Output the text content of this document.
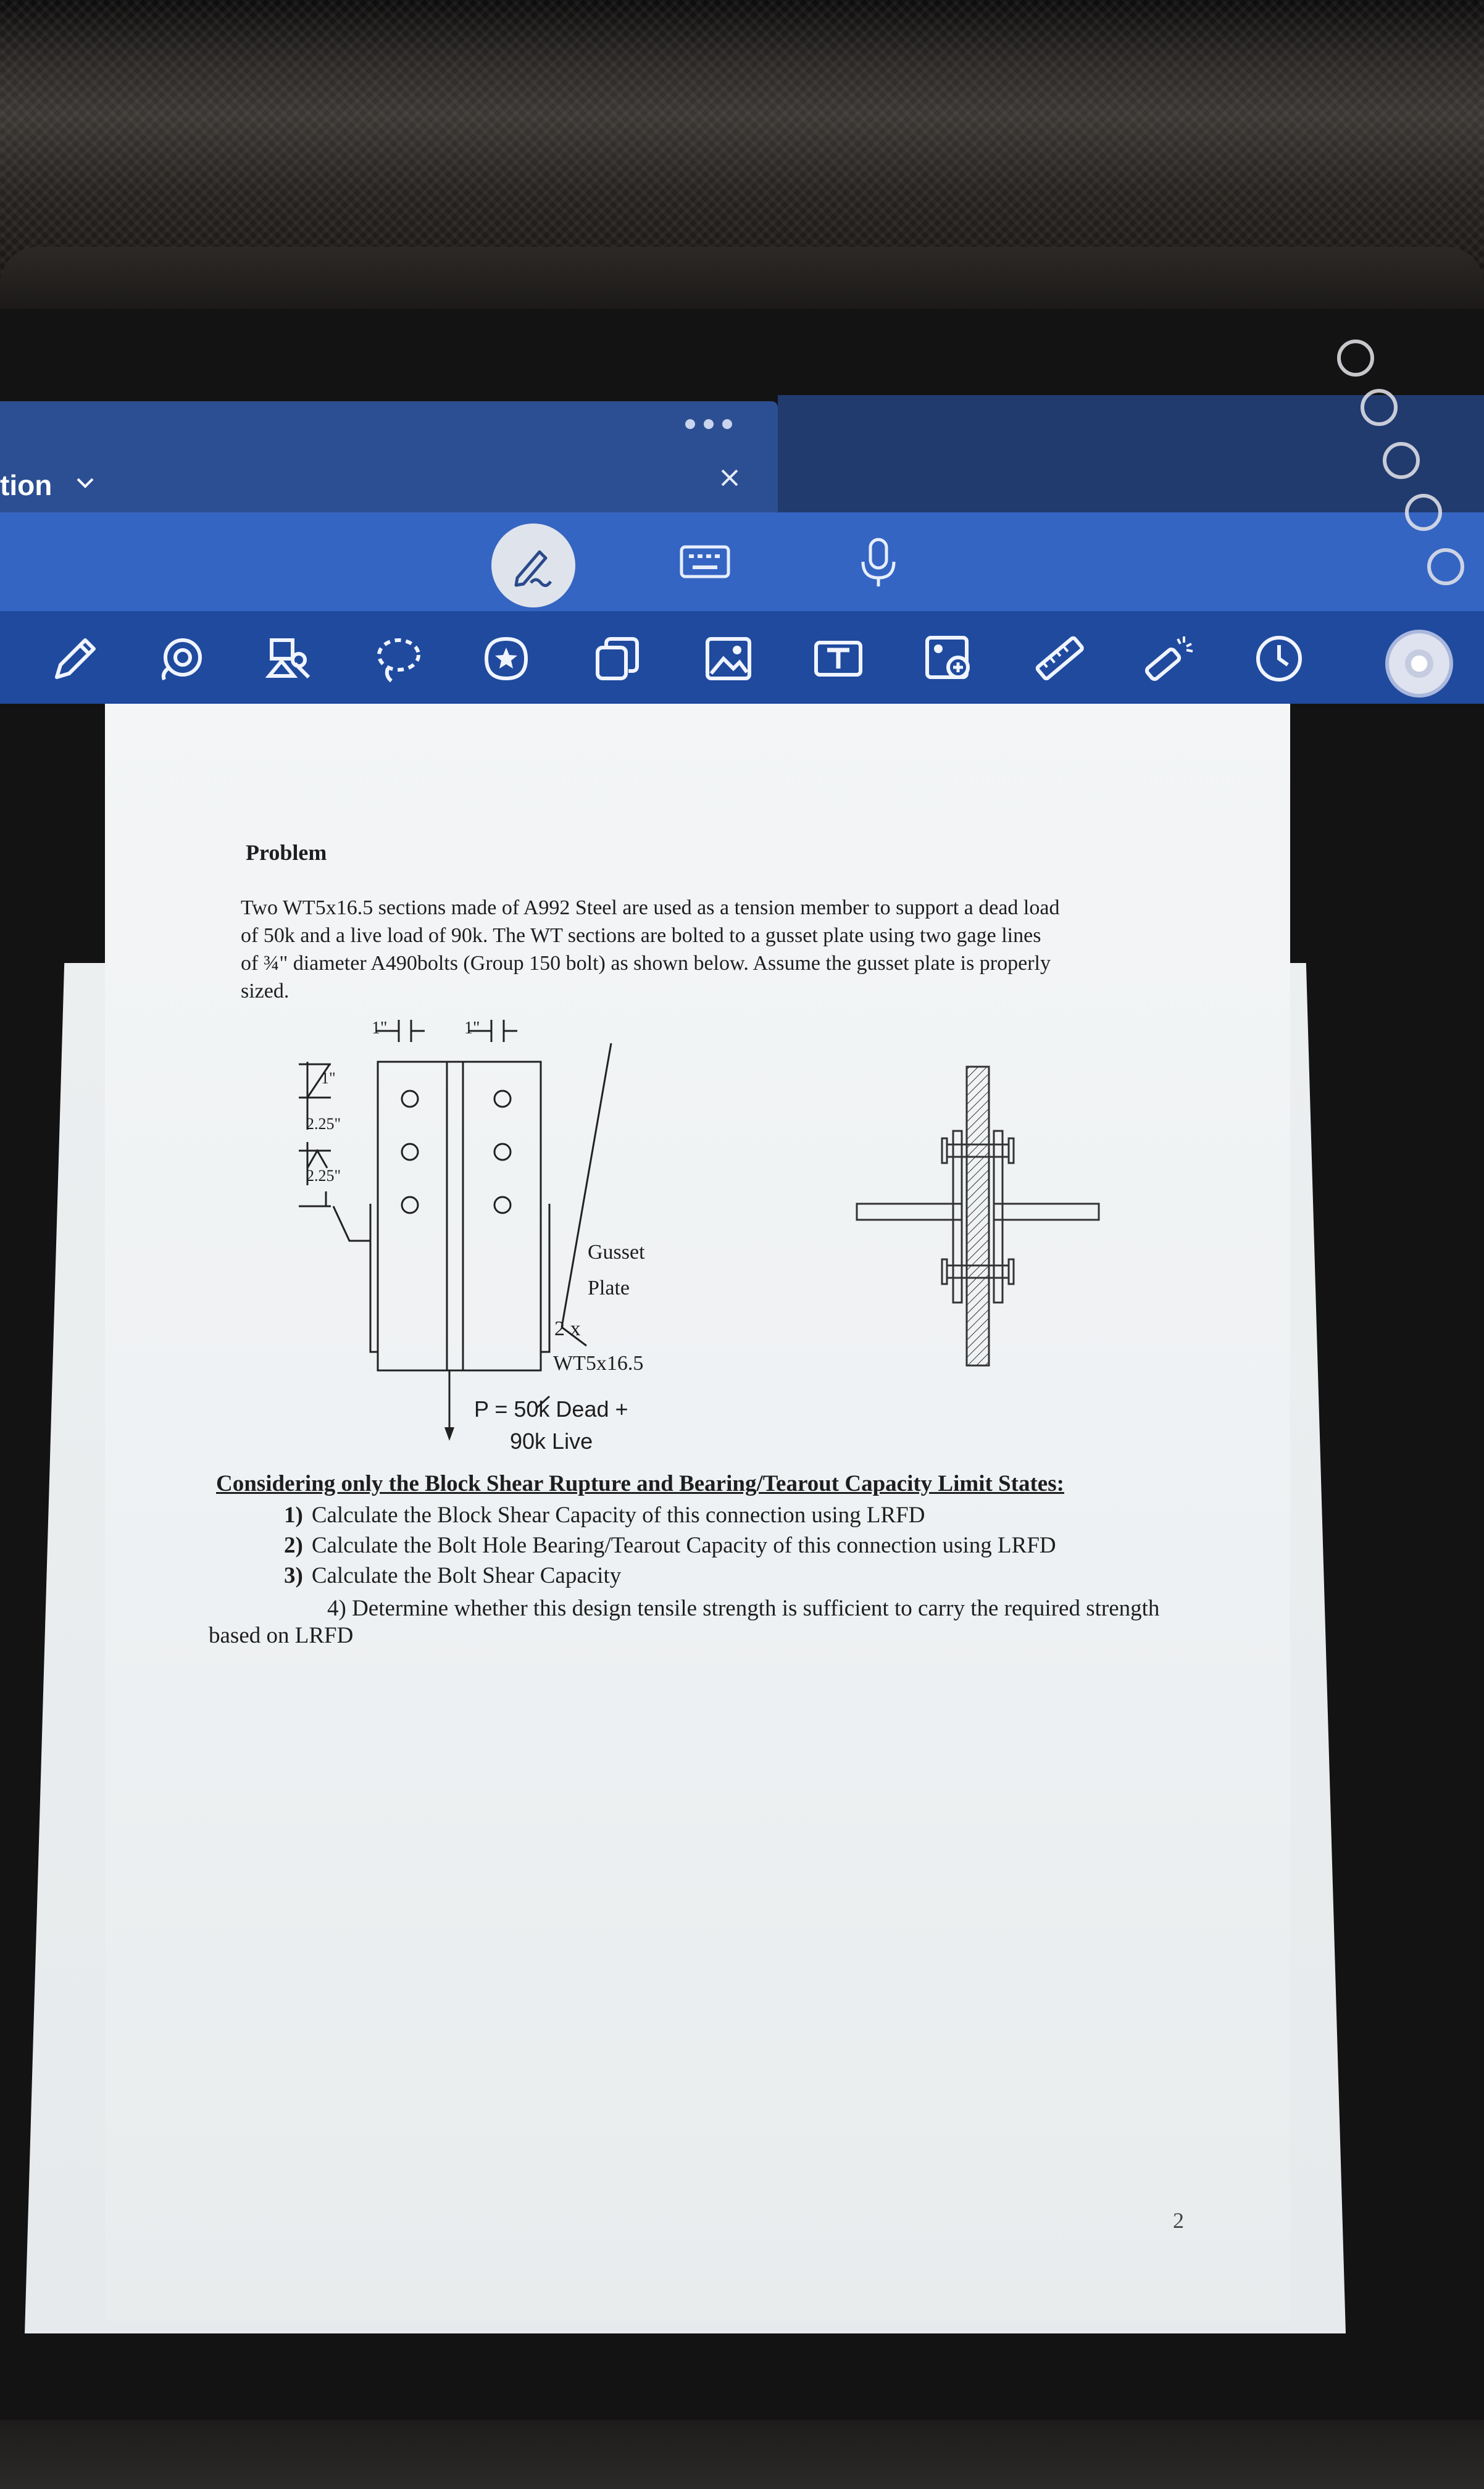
tion
Problem
Two WT5x16.5 sections made of A992 Steel are used as a tension member to support a dead load
of 50k and a live load of 90k. The WT sections are bolted to a gusset plate using two gage lines
of ¾" diameter A490bolts (Group 150 bolt) as shown below. Assume the gusset plate is properly
sized.
1"	1"
1"
2.25"
2.25"
Gusset
Plate
2 x
WT5x16.5
P = 50k Dead +
90k Live
Considering only the Block Shear Rupture and Bearing/Tearout Capacity Limit States:
1) Calculate the Block Shear Capacity of this connection using LRFD
2) Calculate the Bolt Hole Bearing/Tearout Capacity of this connection using LRFD
3) Calculate the Bolt Shear Capacity
4) Determine whether this design tensile strength is sufficient to carry the required strength
based on LRFD
2
